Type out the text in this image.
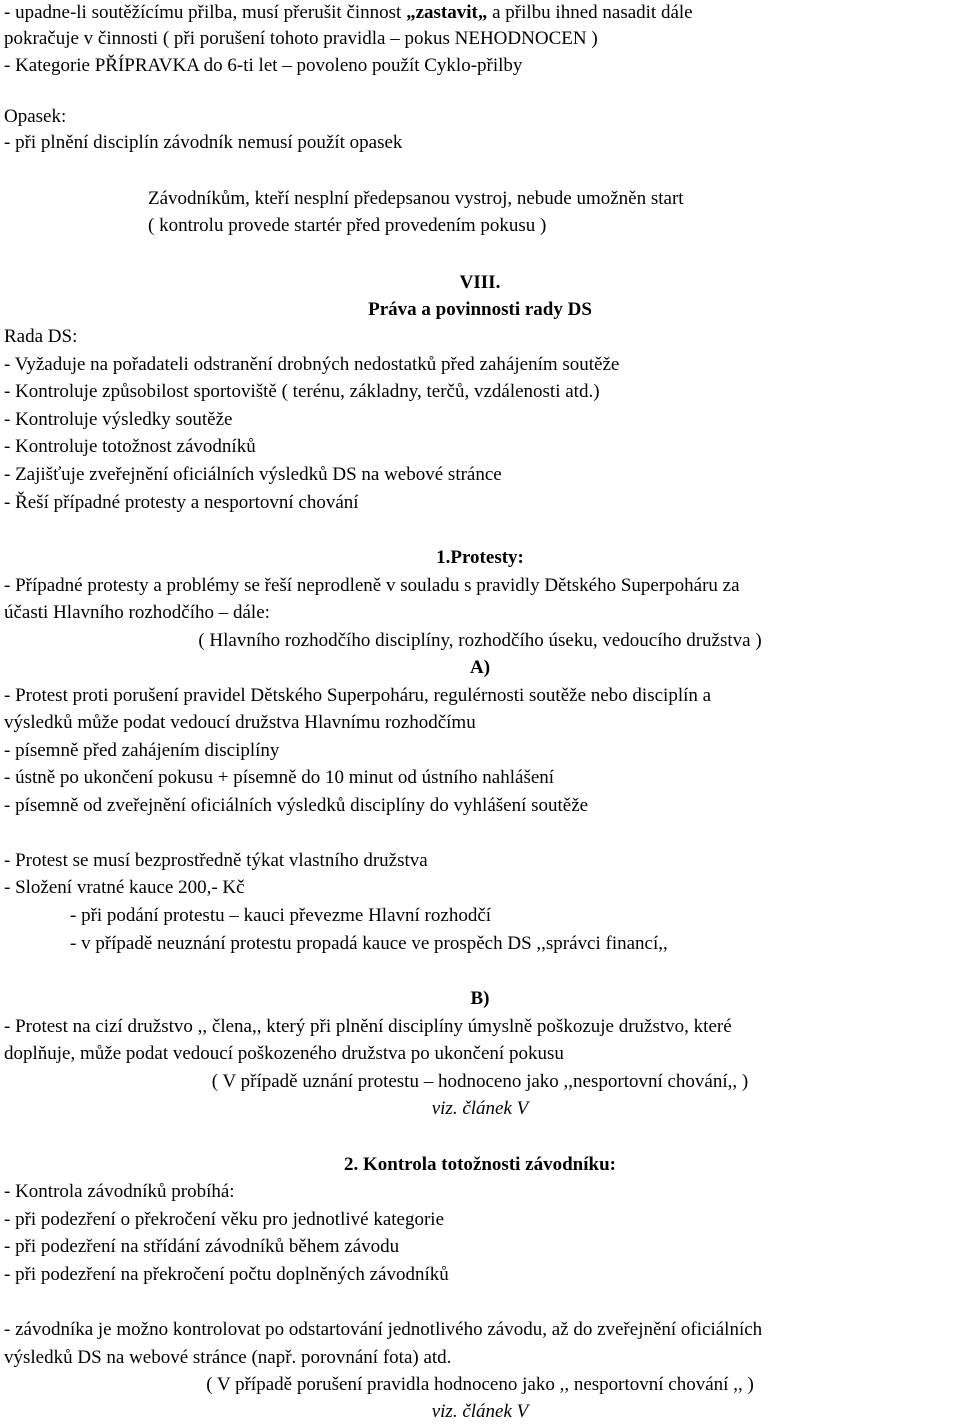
- upadne-li soutěžícímu přilba, musí přerušit činnost „zastavit„ a přilbu ihned nasadit dále
pokračuje v činnosti ( při porušení tohoto pravidla – pokus NEHODNOCEN )
- Kategorie PŘÍPRAVKA do 6-ti let – povoleno použít Cyklo-přilby
Opasek:
- při plnění disciplín závodník nemusí použít opasek
Závodníkům, kteří nesplní předepsanou vystroj, nebude umožněn start
( kontrolu provede startér před provedením pokusu )
VIII.
Práva a povinnosti rady DS
Rada DS:
- Vyžaduje na pořadateli odstranění drobných nedostatků před zahájením soutěže
- Kontroluje způsobilost sportoviště ( terénu, základny, terčů, vzdálenosti atd.)
- Kontroluje výsledky soutěže
- Kontroluje totožnost závodníků
- Zajišťuje zveřejnění oficiálních výsledků DS na webové stránce
- Řeší případné protesty a nesportovní chování
1.Protesty:
- Případné protesty a problémy se řeší neprodleně v souladu s pravidly Dětského Superpoháru za
účasti Hlavního rozhodčího – dále:
( Hlavního rozhodčího disciplíny, rozhodčího úseku, vedoucího družstva )
A)
- Protest proti porušení pravidel Dětského Superpoháru, regulérnosti soutěže nebo disciplín a
výsledků může podat vedoucí družstva Hlavnímu rozhodčímu
- písemně před zahájením disciplíny
- ústně po ukončení pokusu + písemně do 10 minut od ústního nahlášení
- písemně od zveřejnění oficiálních výsledků disciplíny do vyhlášení soutěže
- Protest se musí bezprostředně týkat vlastního družstva
- Složení vratné kauce 200,- Kč
- při podání protestu – kauci převezme Hlavní rozhodčí
- v případě neuznání protestu propadá kauce ve prospěch DS ,,správci financí,,
B)
- Protest na cizí družstvo ,, člena,, který při plnění disciplíny úmyslně poškozuje družstvo, které
doplňuje, může podat vedoucí poškozeného družstva po ukončení pokusu
( V případě uznání protestu – hodnoceno jako ,,nesportovní chování,, )
viz. článek V
2. Kontrola totožnosti závodníku:
- Kontrola závodníků probíhá:
- při podezření o překročení věku pro jednotlivé kategorie
- při podezření na střídání závodníků během závodu
- při podezření na překročení počtu doplněných závodníků
- závodníka je možno kontrolovat po odstartování jednotlivého závodu, až do zveřejnění oficiálních
výsledků DS na webové stránce (např. porovnání fota) atd.
( V případě porušení pravidla hodnoceno jako ,, nesportovní chování ,, )
viz. článek V
